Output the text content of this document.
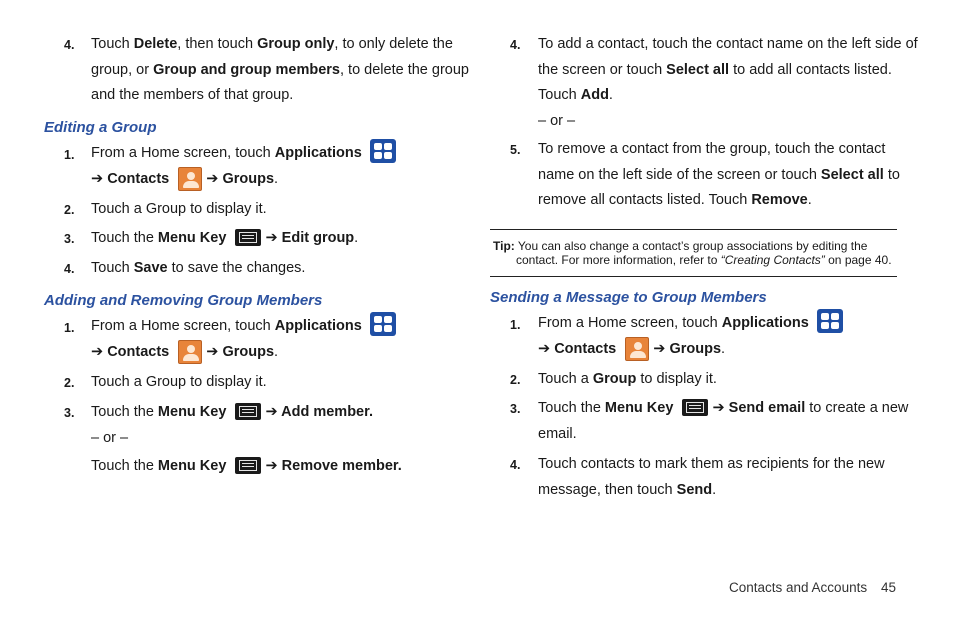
4. Touch Delete, then touch Group only, to only delete the
group, or Group and group members, to delete the group
and the members of that group.
Editing a Group
1. From a Home screen, touch Applications
➔ Contacts
➔ Groups.
2. Touch a Group to display it.
3. Touch the Menu Key
➔ Edit group.
4. Touch Save to save the changes.
Adding and Removing Group Members
1. From a Home screen, touch Applications
➔ Contacts
➔ Groups.
2. Touch a Group to display it.
3. Touch the Menu Key
➔ Add member.
– or –
Touch the Menu Key
➔ Remove member.
4. To add a contact, touch the contact name on the left side of
the screen or touch Select all to add all contacts listed.
Touch Add.
– or –
5. To remove a contact from the group, touch the contact
name on the left side of the screen or touch Select all to
remove all contacts listed. Touch Remove.
Tip: You can also change a contact’s group associations by editing the
contact. For more information, refer to “Creating Contacts” on page 40.
Sending a Message to Group Members
1. From a Home screen, touch Applications
➔ Contacts
➔ Groups.
2. Touch a Group to display it.
3. Touch the Menu Key
➔ Send email to create a new
email.
4. Touch contacts to mark them as recipients for the new
message, then touch Send.
Contacts and Accounts 45
